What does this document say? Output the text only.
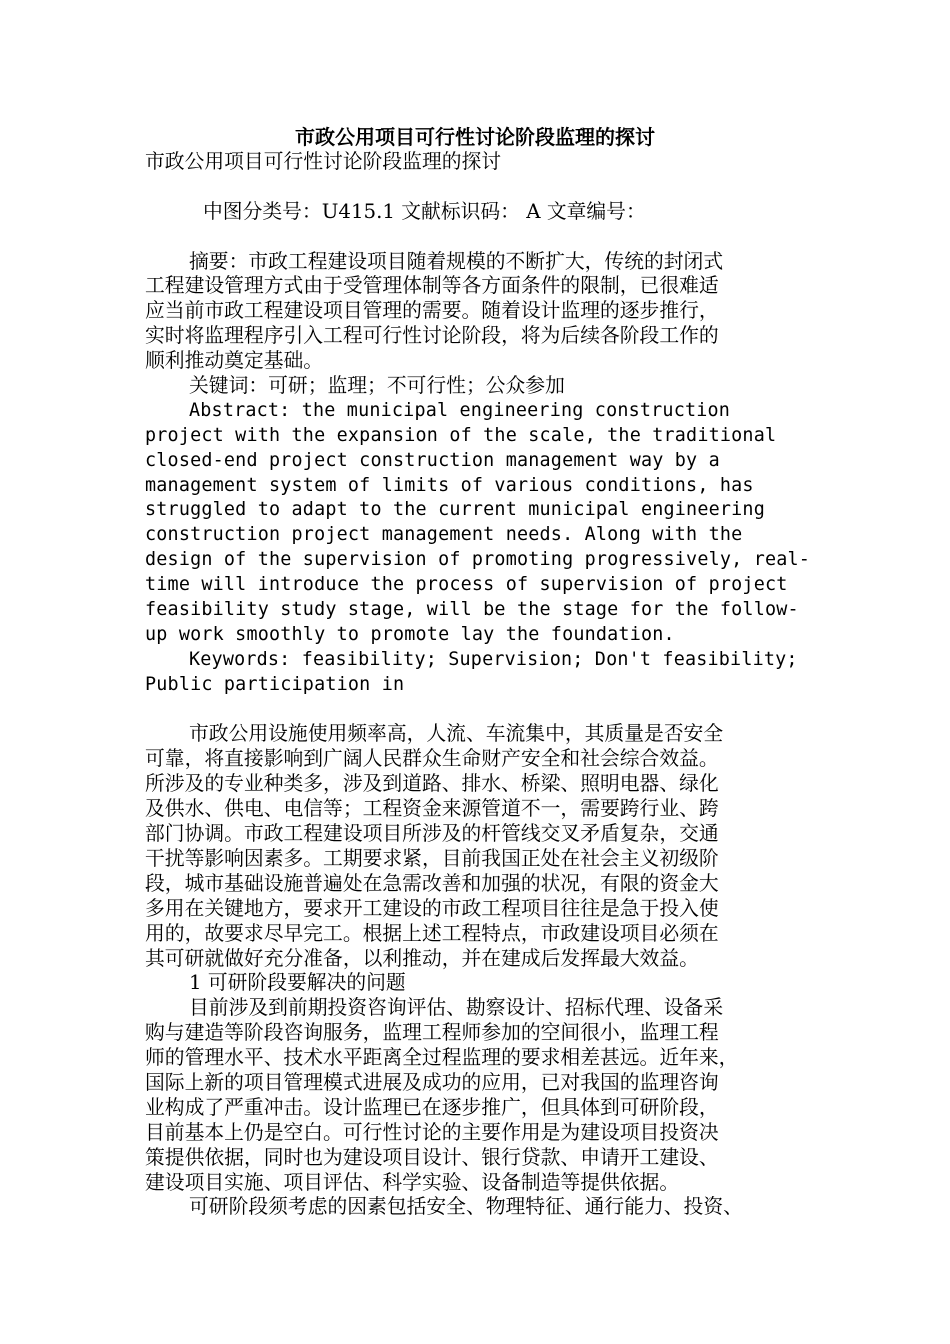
市政公用项目可行性讨论阶段监理的探讨
市政公用项目可行性讨论阶段监理的探讨
中图分类号：U415.1 文献标识码： A 文章编号：
摘要：市政工程建设项目随着规模的不断扩大，传统的封闭式
工程建设管理方式由于受管理体制等各方面条件的限制，已很难适
应当前市政工程建设项目管理的需要。随着设计监理的逐步推行，
实时将监理程序引入工程可行性讨论阶段，将为后续各阶段工作的
顺利推动奠定基础。
关键词：可研；监理；不可行性；公众参加
Abstract: the municipal engineering construction
project with the expansion of the scale, the traditional
closed-end project construction management way by a
management system of limits of various conditions, has
struggled to adapt to the current municipal engineering
construction project management needs. Along with the
design of the supervision of promoting progressively, real-
time will introduce the process of supervision of project
feasibility study stage, will be the stage for the follow-
up work smoothly to promote lay the foundation.
Keywords: feasibility; Supervision; Don't feasibility;
Public participation in
市政公用设施使用频率高，人流、车流集中，其质量是否安全
可靠，将直接影响到广阔人民群众生命财产安全和社会综合效益。
所涉及的专业种类多，涉及到道路、排水、桥梁、照明电器、绿化
及供水、供电、电信等；工程资金来源管道不一，需要跨行业、跨
部门协调。市政工程建设项目所涉及的杆管线交叉矛盾复杂，交通
干扰等影响因素多。工期要求紧，目前我国正处在社会主义初级阶
段，城市基础设施普遍处在急需改善和加强的状况，有限的资金大
多用在关键地方，要求开工建设的市政工程项目往往是急于投入使
用的，故要求尽早完工。根据上述工程特点，市政建设项目必须在
其可研就做好充分准备，以利推动，并在建成后发挥最大效益。
1 可研阶段要解决的问题
目前涉及到前期投资咨询评估、勘察设计、招标代理、设备采
购与建造等阶段咨询服务，监理工程师参加的空间很小，监理工程
师的管理水平、技术水平距离全过程监理的要求相差甚远。近年来，
国际上新的项目管理模式进展及成功的应用，已对我国的监理咨询
业构成了严重冲击。设计监理已在逐步推广，但具体到可研阶段，
目前基本上仍是空白。可行性讨论的主要作用是为建设项目投资决
策提供依据，同时也为建设项目设计、银行贷款、申请开工建设、
建设项目实施、项目评估、科学实验、设备制造等提供依据。
可研阶段须考虑的因素包括安全、物理特征、通行能力、投资、
